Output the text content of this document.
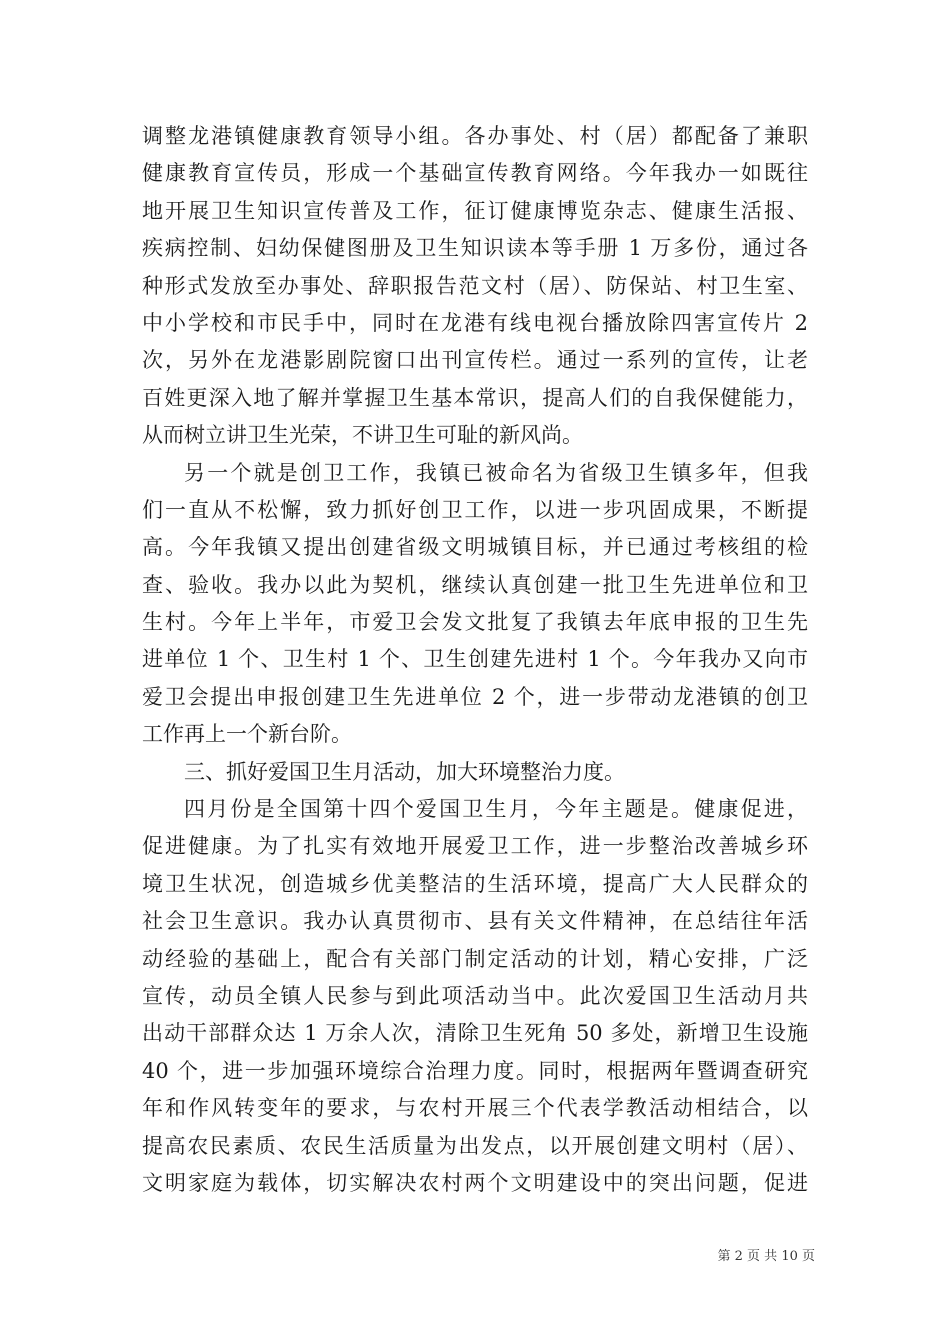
调整龙港镇健康教育领导小组。各办事处、村（居）都配备了兼职
健康教育宣传员，形成一个基础宣传教育网络。今年我办一如既往
地开展卫生知识宣传普及工作，征订健康博览杂志、健康生活报、
疾病控制、妇幼保健图册及卫生知识读本等手册 1 万多份，通过各
种形式发放至办事处、辞职报告范文村（居）、防保站、村卫生室、
中小学校和市民手中，同时在龙港有线电视台播放除四害宣传片 2
次，另外在龙港影剧院窗口出刊宣传栏。通过一系列的宣传，让老
百姓更深入地了解并掌握卫生基本常识，提高人们的自我保健能力，
从而树立讲卫生光荣，不讲卫生可耻的新风尚。
另一个就是创卫工作，我镇已被命名为省级卫生镇多年，但我
们一直从不松懈，致力抓好创卫工作，以进一步巩固成果，不断提
高。今年我镇又提出创建省级文明城镇目标，并已通过考核组的检
查、验收。我办以此为契机，继续认真创建一批卫生先进单位和卫
生村。今年上半年，市爱卫会发文批复了我镇去年底申报的卫生先
进单位 1 个、卫生村 1 个、卫生创建先进村 1 个。今年我办又向市
爱卫会提出申报创建卫生先进单位 2 个，进一步带动龙港镇的创卫
工作再上一个新台阶。
三、抓好爱国卫生月活动，加大环境整治力度。
四月份是全国第十四个爱国卫生月，今年主题是。健康促进，
促进健康。为了扎实有效地开展爱卫工作，进一步整治改善城乡环
境卫生状况，创造城乡优美整洁的生活环境，提高广大人民群众的
社会卫生意识。我办认真贯彻市、县有关文件精神，在总结往年活
动经验的基础上，配合有关部门制定活动的计划，精心安排，广泛
宣传，动员全镇人民参与到此项活动当中。此次爱国卫生活动月共
出动干部群众达 1 万余人次，清除卫生死角 50 多处，新增卫生设施
40 个，进一步加强环境综合治理力度。同时，根据两年暨调查研究
年和作风转变年的要求，与农村开展三个代表学教活动相结合，以
提高农民素质、农民生活质量为出发点，以开展创建文明村（居）、
文明家庭为载体，切实解决农村两个文明建设中的突出问题，促进
第 2 页 共 10 页
